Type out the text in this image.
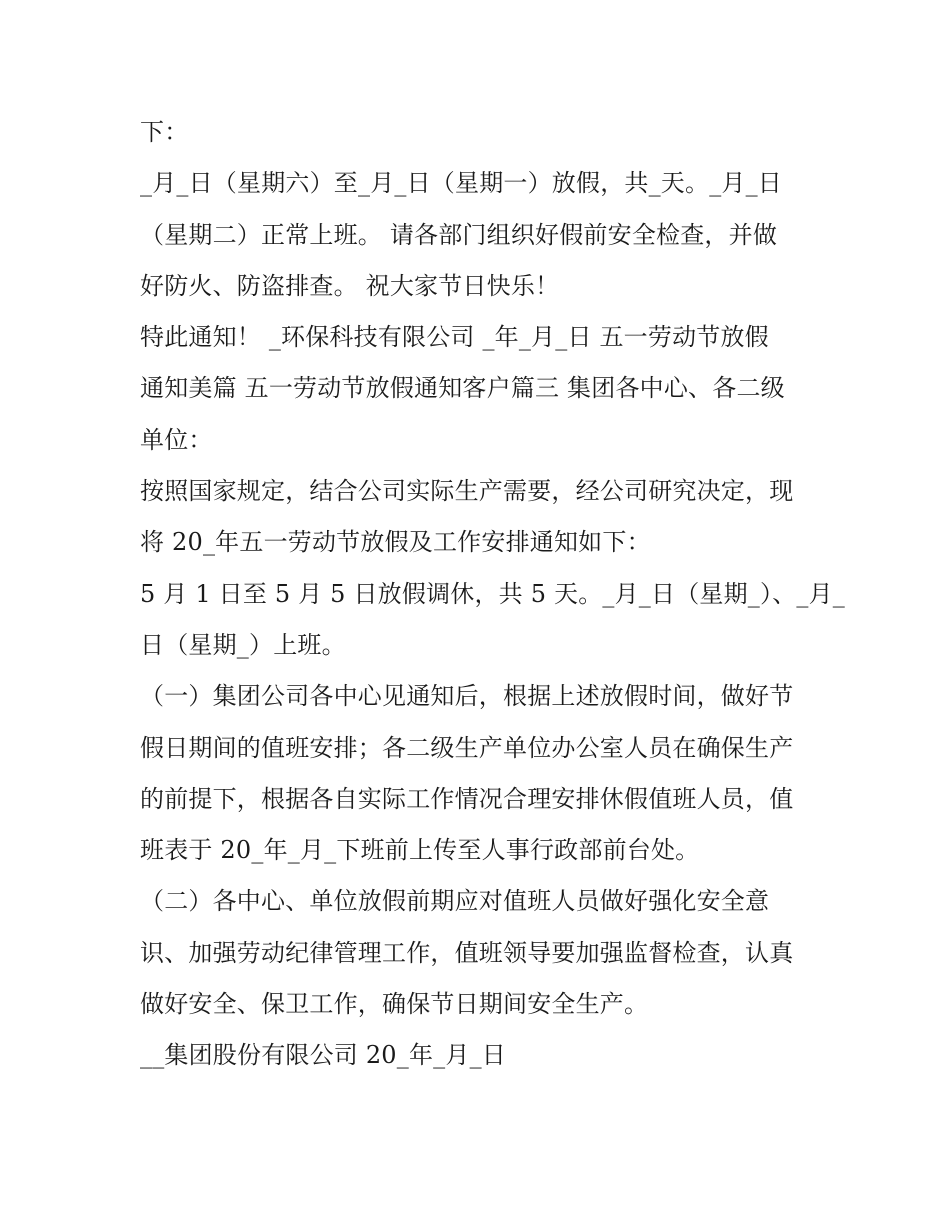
下：
_月_日（星期六）至_月_日（星期一）放假，共_天。_月_日
（星期二）正常上班。 请各部门组织好假前安全检查，并做
好防火、防盗排查。 祝大家节日快乐！
特此通知！ _环保科技有限公司 _年_月_日 五一劳动节放假
通知美篇 五一劳动节放假通知客户篇三 集团各中心、各二级
单位：
按照国家规定，结合公司实际生产需要，经公司研究决定，现
将 20_年五一劳动节放假及工作安排通知如下：
5 月 1 日至 5 月 5 日放假调休，共 5 天。_月_日（星期_）、_月_
日（星期_）上班。
（一）集团公司各中心见通知后，根据上述放假时间，做好节
假日期间的值班安排；各二级生产单位办公室人员在确保生产
的前提下，根据各自实际工作情况合理安排休假值班人员，值
班表于 20_年_月_下班前上传至人事行政部前台处。
（二）各中心、单位放假前期应对值班人员做好强化安全意
识、加强劳动纪律管理工作，值班领导要加强监督检查，认真
做好安全、保卫工作，确保节日期间安全生产。
__集团股份有限公司 20_年_月_日
